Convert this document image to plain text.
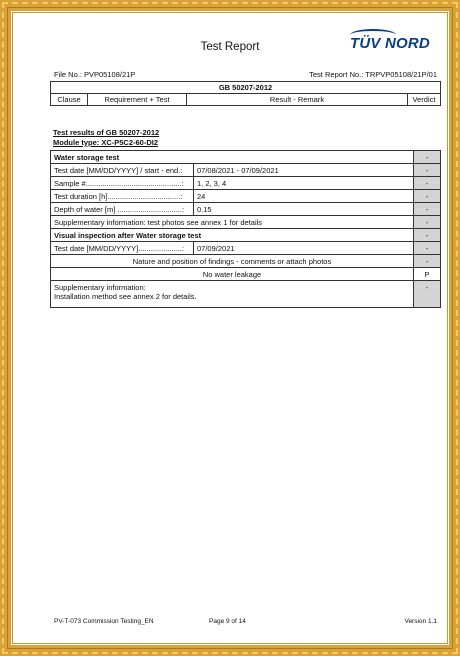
Test Report	TÜV NORD
File No.: PVP05108/21P	Test Report No.: TRPVP05108/21P/01
GB 50207-2012
Clause	Requirement + Test	Result - Remark	Verdict
Test results of GB 50207-2012
Module type: XC-P5C2-60-DI2
Water storage test		-
Test date [MM/DD/YYYY] / start - end.:	07/08/2021 - 07/09/2021	-
Sample #..............................................:	1, 2, 3, 4	-
Test duration [h]...................................:	24	-
Depth of water [m] ...............................:	0.15	-
Supplementary information: test photos see annex 1 for details		-
Visual inspection after Water storage test		-
Test date [MM/DD/YYYY].....................:	07/09/2021	-
Nature and position of findings - comments or attach photos		-
No water leakage		P

Supplementary information:
Installation method see annex 2 for details.		-
PV-T-073 Commission Testing_EN	Page 9 of 14	Version 1.1
